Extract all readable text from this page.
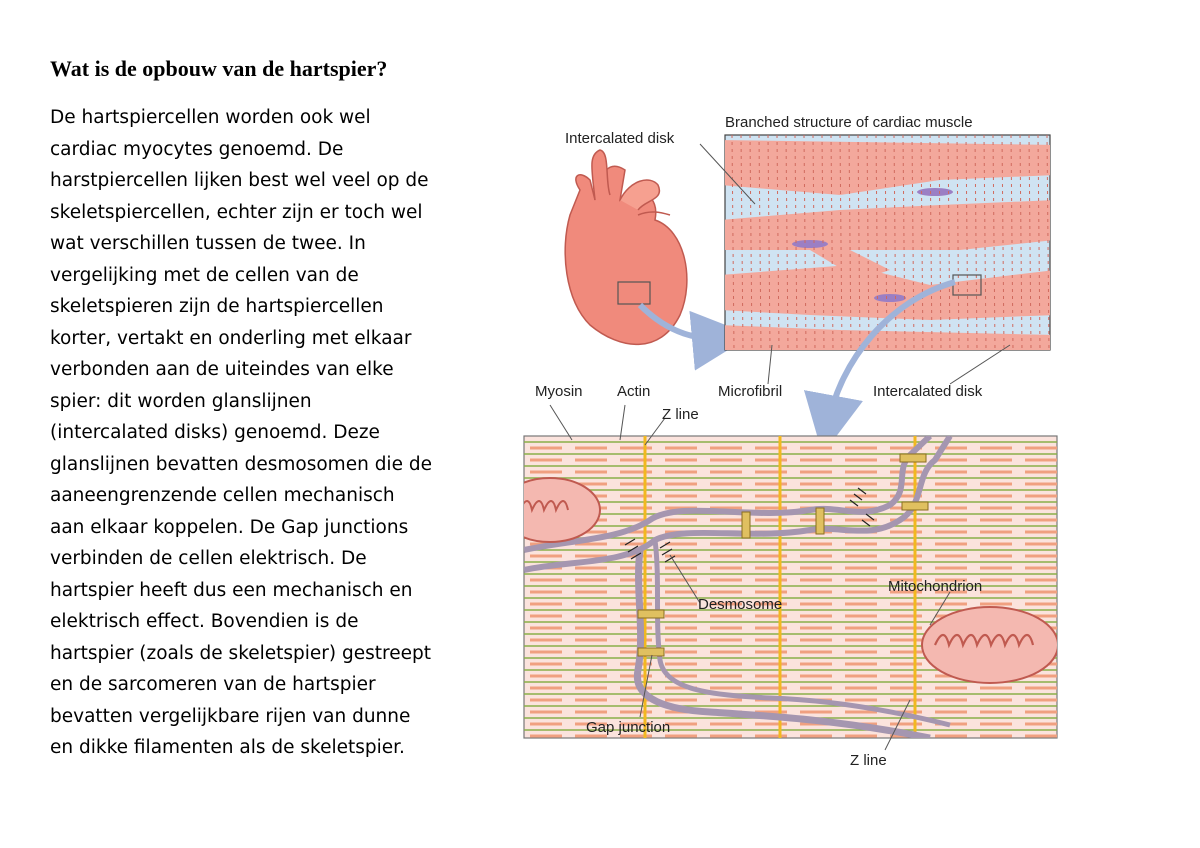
Wat is de opbouw van de hartspier?
De hartspiercellen worden ook wel
cardiac myocytes genoemd. De
harstpiercellen lijken best wel veel op de
skeletspiercellen, echter zijn er toch wel
wat verschillen tussen de twee. In
vergelijking met de cellen van de
skeletspieren zijn de hartspiercellen
korter, vertakt en onderling met elkaar
verbonden aan de uiteindes van elke
spier: dit worden glanslijnen
(intercalated disks) genoemd. Deze
glanslijnen bevatten desmosomen die de
aaneengrenzende cellen mechanisch
aan elkaar koppelen. De Gap junctions
verbinden de cellen elektrisch. De
hartspier heeft dus een mechanisch en
elektrisch effect. Bovendien is de
hartspier (zoals de skeletspier) gestreept
en de sarcomeren van de hartspier
bevatten vergelijkbare rijen van dunne
en dikke filamenten als de skeletspier.
Intercalated disk
Branched structure of cardiac muscle
Microfibril	Intercalated disk
Myosin Actin
Z line
Desmosome
Mitochondrion
Gap junction
Z line
